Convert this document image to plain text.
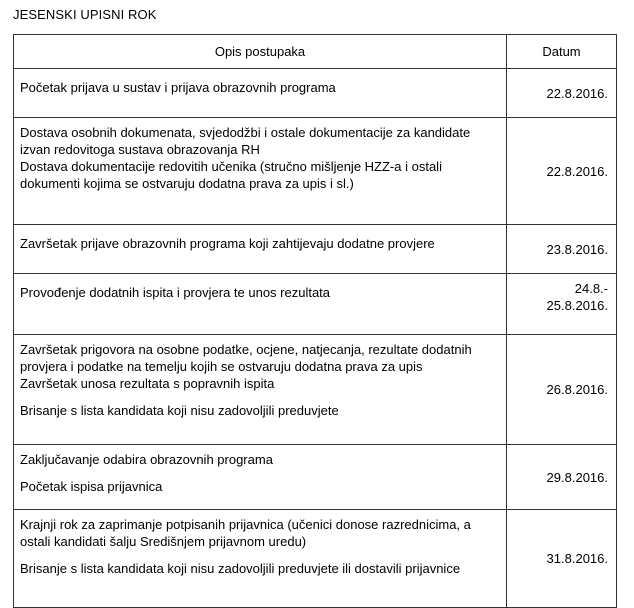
JESENSKI UPISNI ROK
Opis postupaka	Datum

Početak prijava u sustav i prijava obrazovnih programa	22.8.2016.

Dostava osobnih dokumenata, svjedodžbi i ostale dokumentacije za kandidate
izvan redovitoga sustava obrazovanja RH
Dostava dokumentacije redovitih učenika (stručno mišljenje HZZ-a i ostali
dokumenti kojima se ostvaruju dodatna prava za upis i sl.)	22.8.2016.

Završetak prijave obrazovnih programa koji zahtijevaju dodatne provjere	23.8.2016.

Provođenje dodatnih ispita i provjera te unos rezultata	24.8.-
25.8.2016.

Završetak prigovora na osobne podatke, ocjene, natjecanja, rezultate dodatnih
provjera i podatke na temelju kojih se ostvaruju dodatna prava za upis
Završetak unosa rezultata s popravnih ispita
Brisanje s lista kandidata koji nisu zadovoljili preduvjete	26.8.2016.

Zaključavanje odabira obrazovnih programa
Početak ispisa prijavnica	29.8.2016.

Krajnji rok za zaprimanje potpisanih prijavnica (učenici donose razrednicima, a
ostali kandidati šalju Središnjem prijavnom uredu)
Brisanje s lista kandidata koji nisu zadovoljili preduvjete ili dostavili prijavnice	31.8.2016.
